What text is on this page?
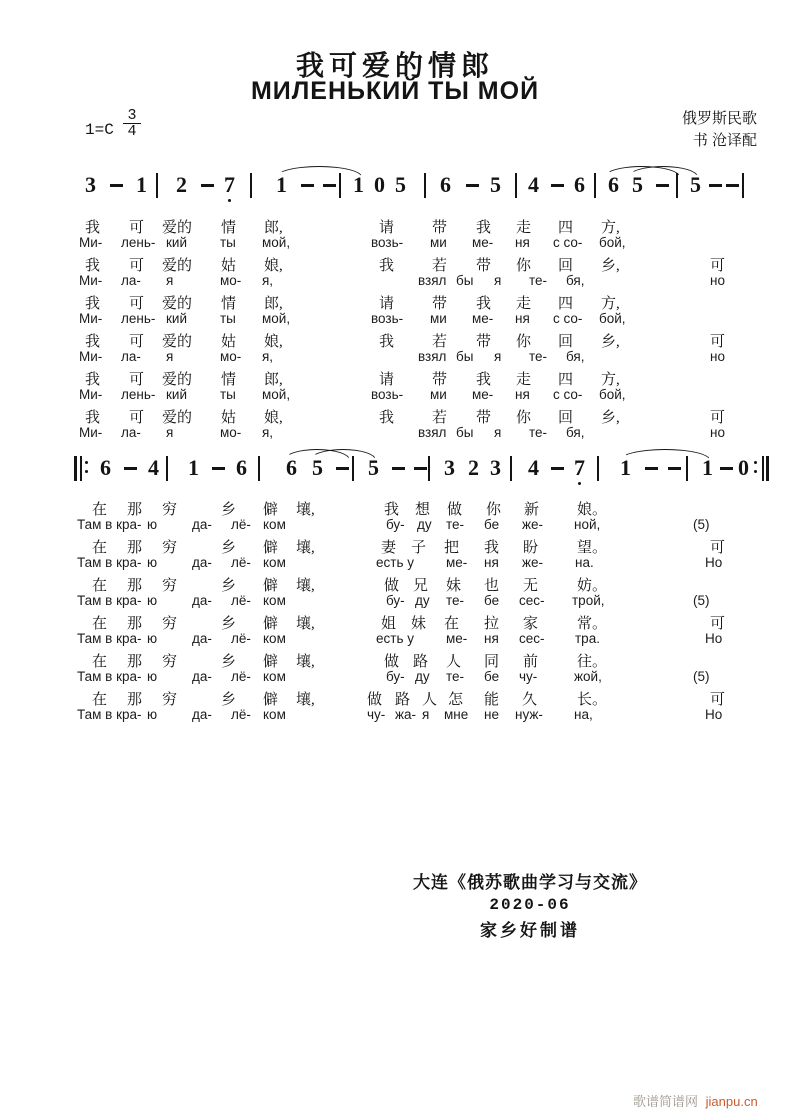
我可爱的情郎
МИЛЕНЬКИЙ ТЫ МОЙ
$1=C \frac{3}{4}$	俄罗斯民歌
书 沧译配
3 1 2 7 1	1 0 5 6 5 4 6 6 5 5
6 4 1 6 6 5 5	3 2 3 4 7 1	1 0
我 可 爱的 情 郎,	请	带 我 走 四 方,
Ми- лень- кий ты мой,	возь- ми ме- ня с со- бой,
我 可 爱的 姑 娘,	我	若 带 你 回 乡,	可
Ми- ла- я	мо- я,	взял бы я те- бя,	но
我 可 爱的 情 郎,	请	带 我 走 四 方,
Ми- лень- кий ты мой,	возь- ми ме- ня с со- бой,
我 可 爱的 姑 娘,	我	若 带 你 回 乡,	可
Ми- ла- я	мо- я,	взял бы я те- бя,	но
我 可 爱的 情 郎,	请	带 我 走 四 方,
Ми- лень- кий ты мой,	возь- ми ме- ня с со- бой,
我 可 爱的 姑 娘,	我	若 带 你 回 乡,	可
Ми- ла- я	мо- я,	взял бы я те- бя,	но
在 那 穷	乡 僻 壤,	我 想 做 你 新	娘。
Там в кра- ю	да- лё- ком	бу- ду те- бе же- ной,	(5)
在 那 穷	乡 僻 壤,	妻 子 把 我 盼	望。	可
Там в кра- ю	да- лё- ком	есть у ме- ня же- на.	Но
在 那 穷	乡 僻 壤,	做 兄 妹 也 无	妨。
Там в кра- ю	да- лё- ком	бу- ду те- бе сес- трой,	(5)
在 那 穷	乡 僻 壤,	姐 妹 在 拉 家	常。	可
Там в кра- ю	да- лё- ком	есть у ме- ня сес- тра.	Но
在 那 穷	乡 僻 壤,	做 路 人 同 前	往。
Там в кра- ю	да- лё- ком	бу- ду те- бе чу-	жой,	(5)
在 那 穷	乡 僻 壤,	做 路 人 怎 能 久	长。	可
Там в кра- ю	да- лё- ком	чу- жа- я мне не нуж- на,	Но
大连《俄苏歌曲学习与交流》
2020-06
家乡好制谱
歌谱简谱网 jianpu.cn
